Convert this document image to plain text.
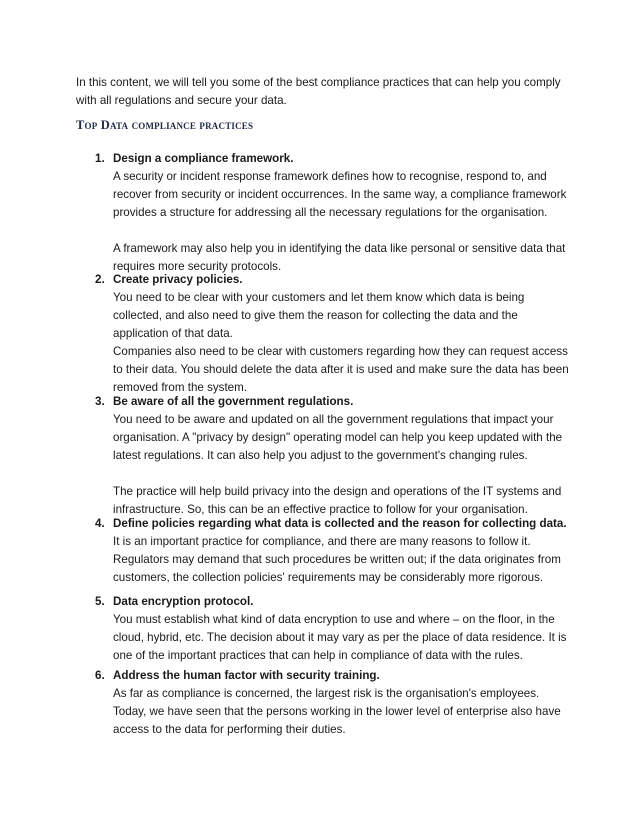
In this content, we will tell you some of the best compliance practices that can help you comply with all regulations and secure your data.

Top Data compliance practices
1. Design a compliance framework.

A security or incident response framework defines how to recognise, respond to, and recover from security or incident occurrences. In the same way, a compliance framework provides a structure for addressing all the necessary regulations for the organisation.

A framework may also help you in identifying the data like personal or sensitive data that requires more security protocols.

2. Create privacy policies.

You need to be clear with your customers and let them know which data is being collected, and also need to give them the reason for collecting the data and the application of that data.

Companies also need to be clear with customers regarding how they can request access to their data. You should delete the data after it is used and make sure the data has been removed from the system.

3. Be aware of all the government regulations.

You need to be aware and updated on all the government regulations that impact your organisation. A "privacy by design" operating model can help you keep updated with the latest regulations. It can also help you adjust to the government's changing rules.

The practice will help build privacy into the design and operations of the IT systems and infrastructure. So, this can be an effective practice to follow for your organisation.

4. Define policies regarding what data is collected and the reason for collecting data.

It is an important practice for compliance, and there are many reasons to follow it. Regulators may demand that such procedures be written out; if the data originates from customers, the collection policies' requirements may be considerably more rigorous.

5. Data encryption protocol.

You must establish what kind of data encryption to use and where – on the floor, in the cloud, hybrid, etc. The decision about it may vary as per the place of data residence. It is one of the important practices that can help in compliance of data with the rules.

6. Address the human factor with security training.

As far as compliance is concerned, the largest risk is the organisation's employees. Today, we have seen that the persons working in the lower level of enterprise also have access to the data for performing their duties.
